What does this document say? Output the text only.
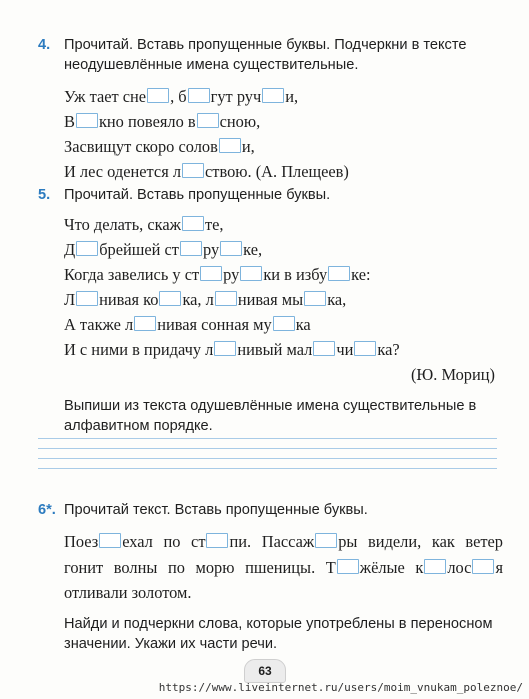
4. Прочитай. Вставь пропущенные буквы. Подчеркни в тексте неодушевлённые имена существительные.
Уж тает сне , б гут руч и,
В кно повеяло в сною,
Засвищут скоро солов и,
И лес оденется л ствою. (А. Плещеев)
5. Прочитай. Вставь пропущенные буквы.
Что делать, скаж те,
Д брейшей ст ру ке,
Когда завелись у ст ру ки в избу ке:
Л нивая ко ка, л нивая мы ка,
А также л нивая сонная му ка
И с ними в придачу л нивый мал чи ка?
(Ю. Мориц)
Выпиши из текста одушевлённые имена существительные в алфавитном порядке.
6*. Прочитай текст. Вставь пропущенные буквы.
Поез ехал по ст пи. Пассаж ры видели, как ветер гонит волны по морю пшеницы. Т жёлые к лос я отливали золотом.
Найди и подчеркни слова, которые употреблены в переносном значении. Укажи их части речи.
63
https://www.liveinternet.ru/users/moim_vnukam_poleznoe/
